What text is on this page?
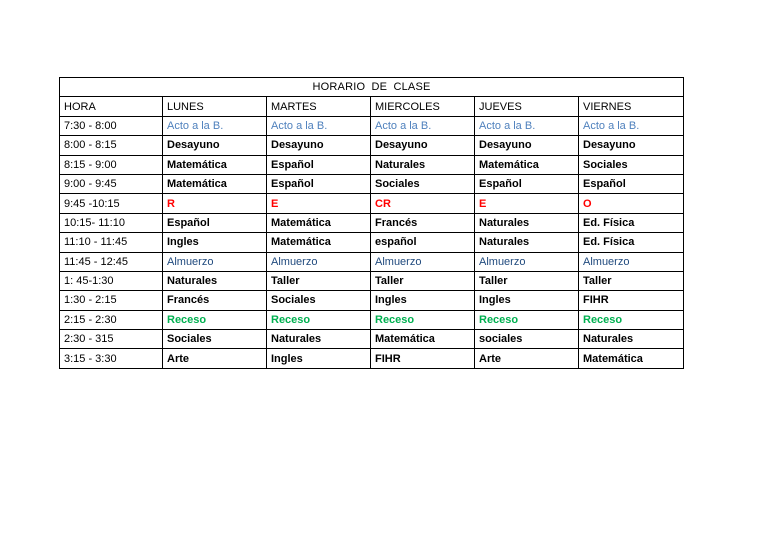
HORARIO DE CLASE					
HORA	LUNES	MARTES	MIERCOLES	JUEVES	VIERNES
7:30 - 8:00	Acto a la B.	Acto a la B.	Acto a la B.	Acto a la B.	Acto a la B.
8:00 - 8:15	Desayuno	Desayuno	Desayuno	Desayuno	Desayuno
8:15 - 9:00	Matemática	Español	Naturales	Matemática	Sociales
9:00 - 9:45	Matemática	Español	Sociales	Español	Español
9:45 -10:15	R	E	CR	E	O
10:15- 11:10	Español	Matemática	Francés	Naturales	Ed. Física
11:10 - 11:45	Ingles	Matemática	español	Naturales	Ed. Física
11:45 - 12:45	Almuerzo	Almuerzo	Almuerzo	Almuerzo	Almuerzo
1: 45-1:30	Naturales	Taller	Taller	Taller	Taller
1:30 - 2:15	Francés	Sociales	Ingles	Ingles	FIHR
2:15 - 2:30	Receso	Receso	Receso	Receso	Receso
2:30 - 315	Sociales	Naturales	Matemática	sociales	Naturales
3:15 - 3:30	Arte	Ingles	FIHR	Arte	Matemática
